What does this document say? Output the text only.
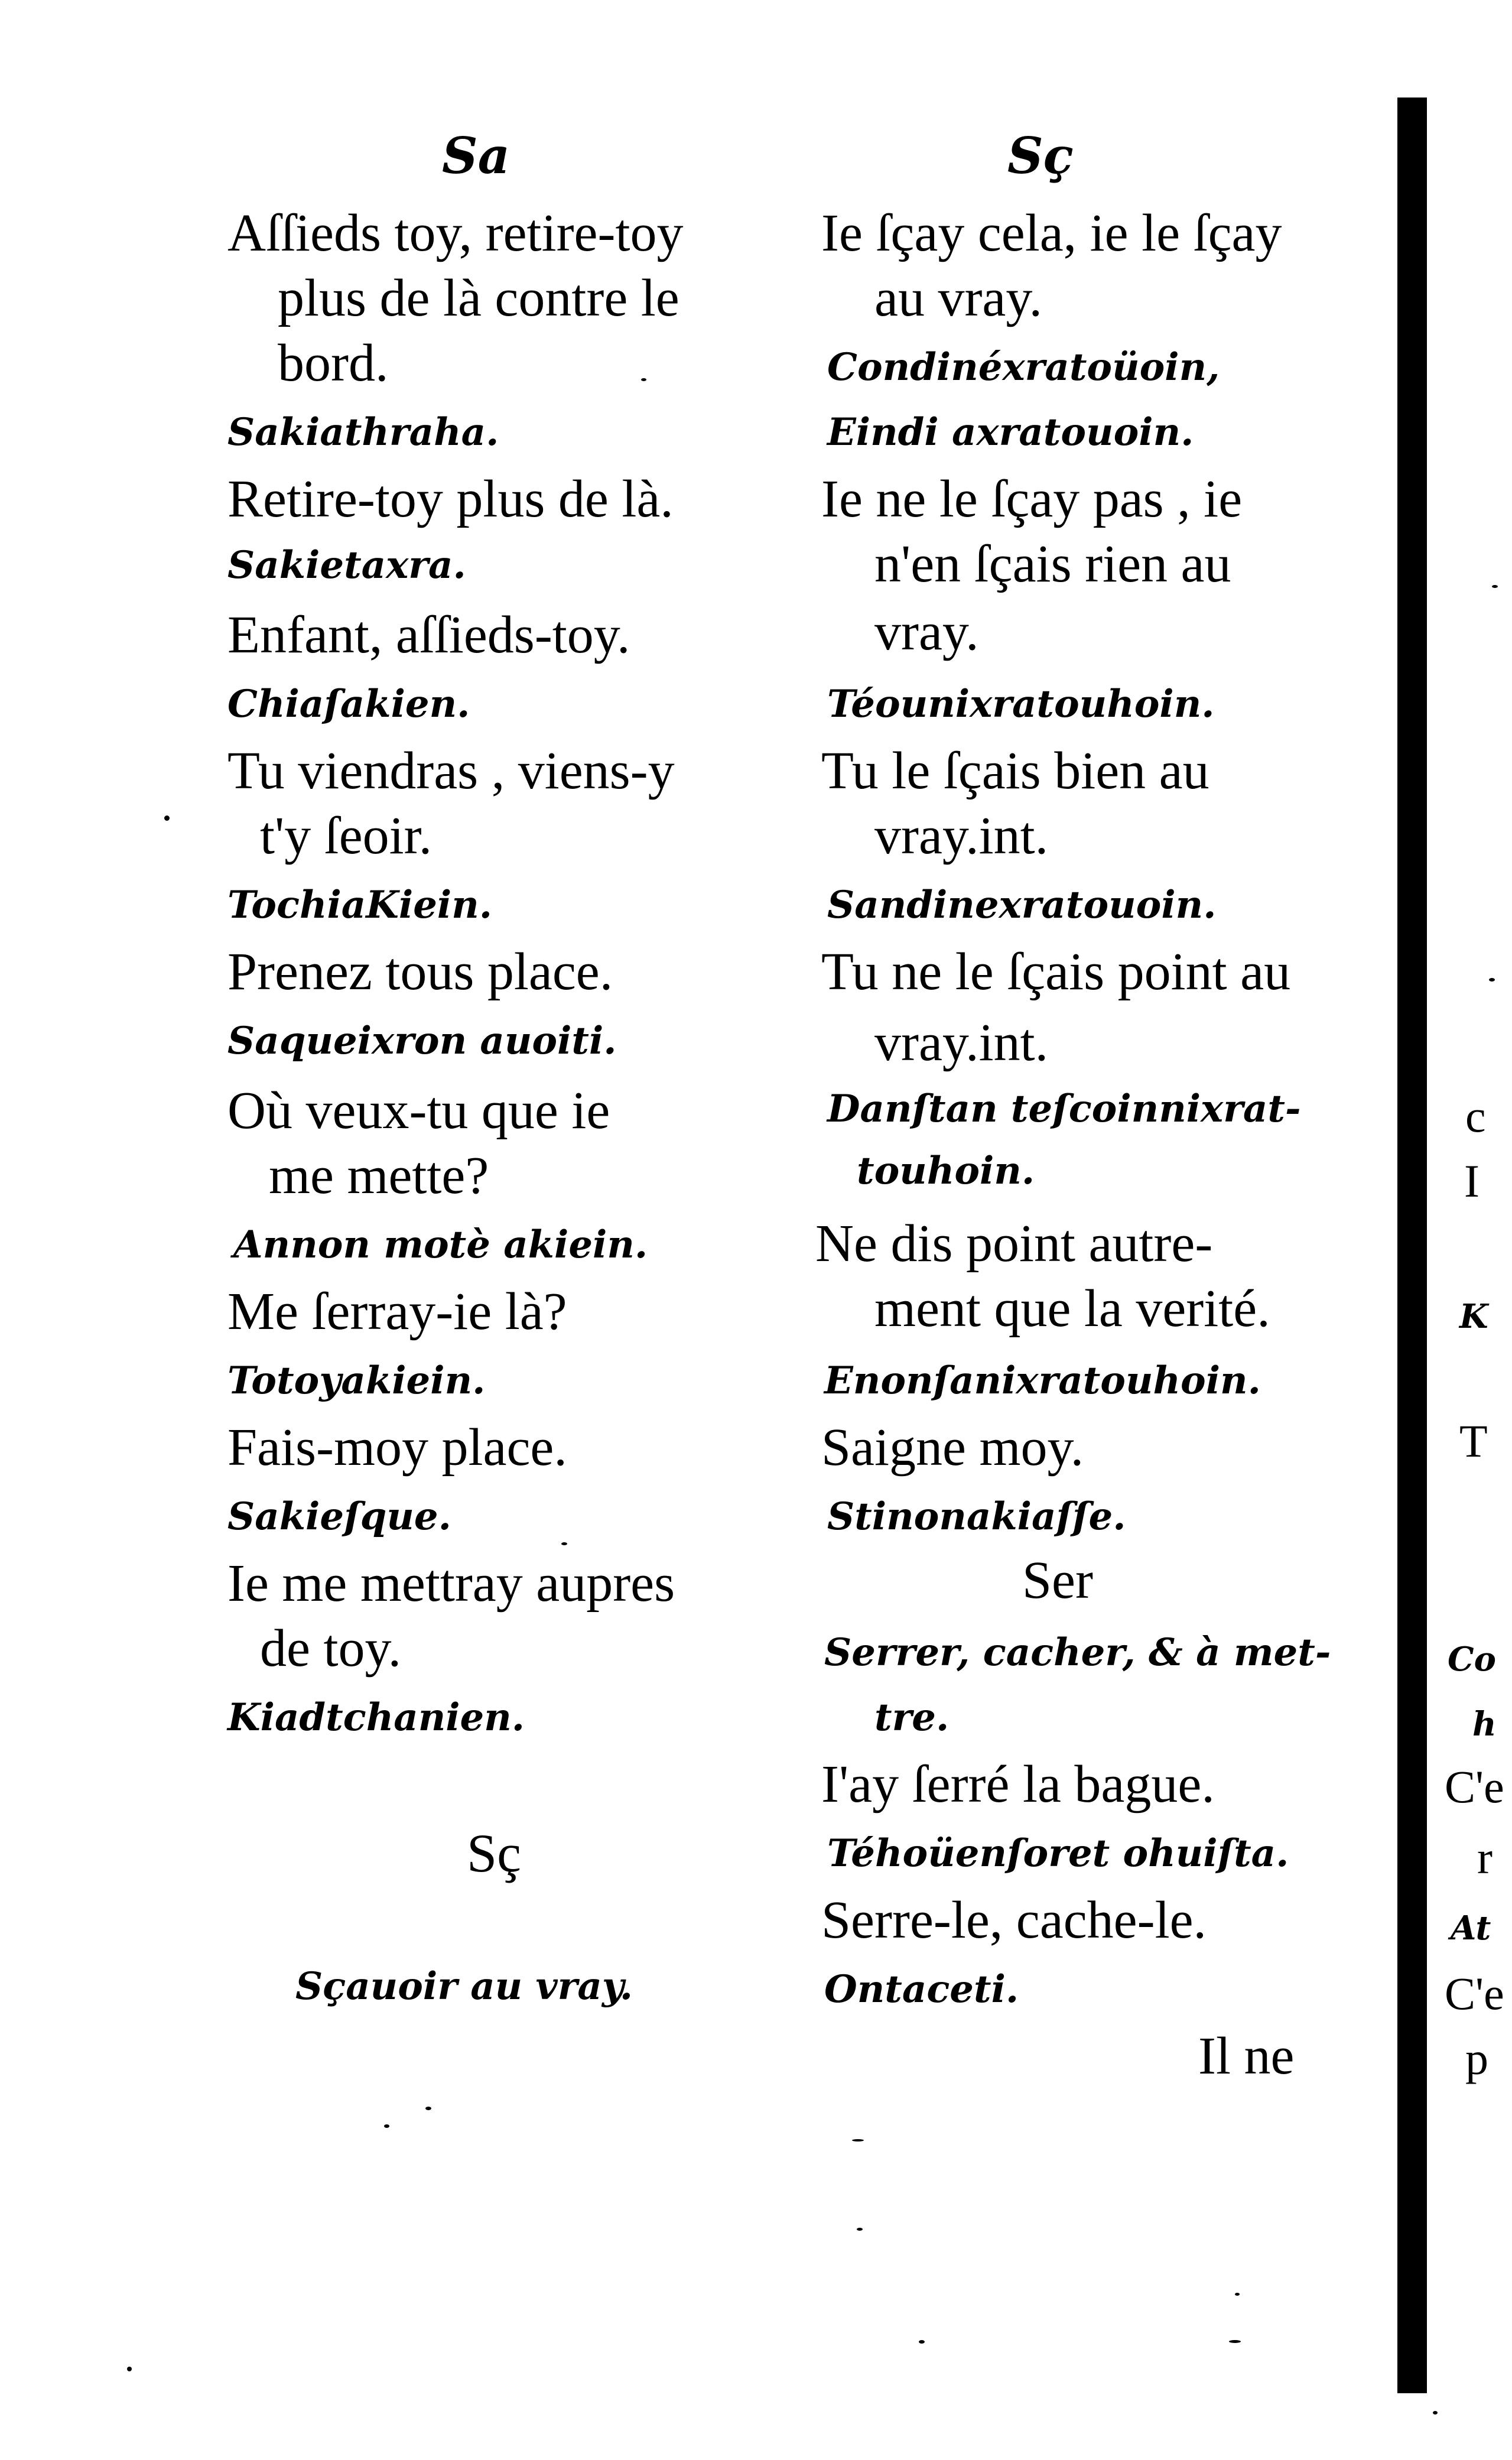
Sa
Aſſieds toy, retire-toy
plus de là contre le
bord.
Sakiathraha.
Retire-toy plus de là.
Sakietaxra.
Enfant, aſſieds-toy.
Chiaſakien.
Tu viendras , viens-y
t'y ſeoir.
TochiaKiein.
Prenez tous place.
Saqueixron auoiti.
Où veux-tu que ie
me mette?
Annon motè akiein.
Me ſerray-ie là?
Totoyakiein.
Fais-moy place.
Sakieſque.
Ie me mettray aupres
de toy.
Kiadtchanien.
Sç
Sçauoir au vray.
Sç
Ie ſçay cela, ie le ſçay
au vray.
Condinéxratoüoin,
Eindi axratouoin.
Ie ne le ſçay pas , ie
n'en ſçais rien au
vray.
Téounixratouhoin.
Tu le ſçais bien au
vray.int.
Sandinexratouoin.
Tu ne le ſçais point au
vray.int.
Danſtan teſcoinnixrat-
touhoin.
Ne dis point autre-
ment que la verité.
Enonſanixratouhoin.
Saigne moy.
Stinonakiaſſe.
Ser
Serrer, cacher, & à met-
tre.
I'ay ſerré la bague.
Téhoüenſoret ohuiſta.
Serre-le, cache-le.
Ontaceti.
Il ne
c
I
K
T
Co
h
C'e
r
At
C'e
p
